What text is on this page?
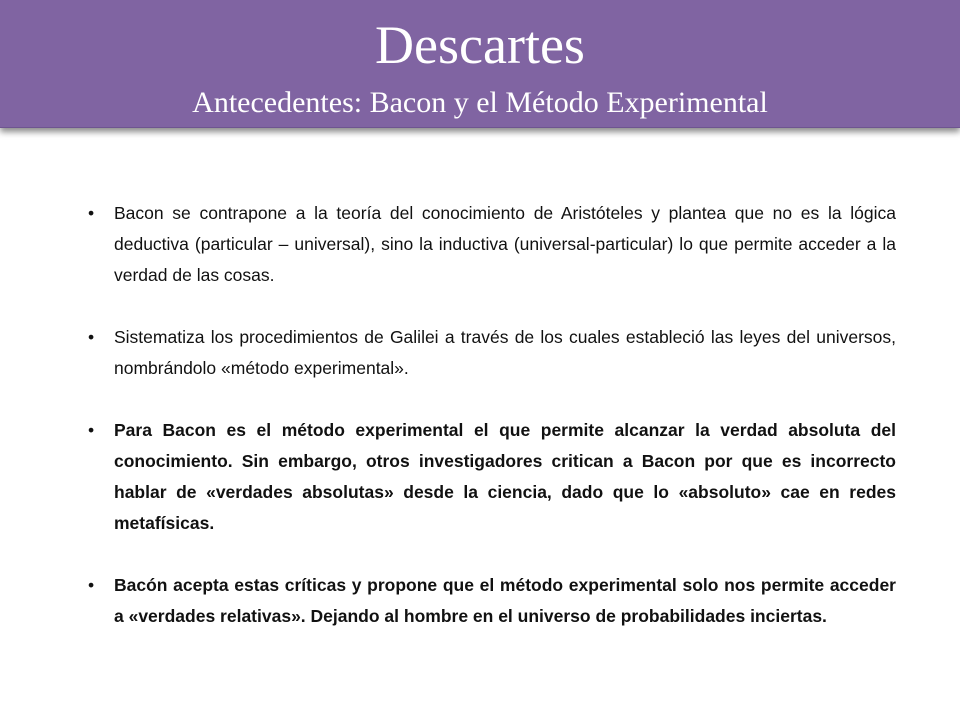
Descartes
Antecedentes: Bacon y el Método Experimental
• Bacon se contrapone a la teoría del conocimiento de Aristóteles y plantea que no es la lógica deductiva (particular – universal), sino la inductiva (universal-particular) lo que permite acceder a la verdad de las cosas.
• Sistematiza los procedimientos de Galilei a través de los cuales estableció las leyes del universos, nombrándolo «método experimental».
• Para Bacon es el método experimental el que permite alcanzar la verdad absoluta del conocimiento. Sin embargo, otros investigadores critican a Bacon por que es incorrecto hablar de «verdades absolutas» desde la ciencia, dado que lo «absoluto» cae en redes metafísicas.
• Bacón acepta estas críticas y propone que el método experimental solo nos permite acceder a «verdades relativas». Dejando al hombre en el universo de probabilidades inciertas.
